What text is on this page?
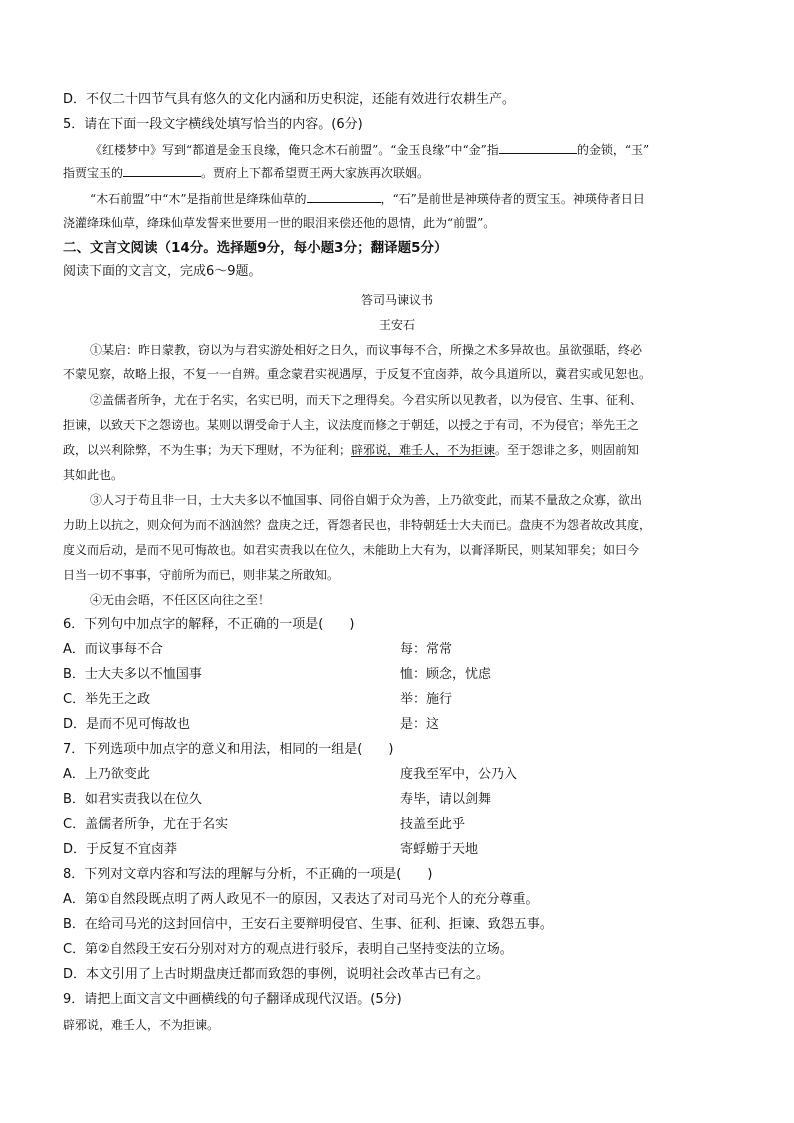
D．不仅二十四节气具有悠久的文化内涵和历史积淀，还能有效进行农耕生产。
5．请在下面一段文字横线处填写恰当的内容。(6分)
《红楼梦中》写到“都道是金玉良缘，俺只念木石前盟”。“金玉良缘”中“金”指	的金锁，“玉”
指贾宝玉的	。贾府上下都希望贾王两大家族再次联姻。
“木石前盟”中“木”是指前世是绛珠仙草的	，“石”是前世是神瑛侍者的贾宝玉。神瑛侍者日日
浇灌绛珠仙草，绛珠仙草发誓来世要用一世的眼泪来偿还他的恩情，此为“前盟”。
二、文言文阅读（14分。选择题9分，每小题3分；翻译题5分）
阅读下面的文言文，完成6～9题。
答司马谏议书
王安石
①某启：昨日蒙教，窃以为与君实游处相好之日久，而议事每不合，所操之术多异故也。虽欲强聒，终必
不蒙见察，故略上报，不复一一自辨。重念蒙君实视遇厚，于反复不宜卤莽，故今具道所以，冀君实或见恕也。
②盖儒者所争，尤在于名实，名实已明，而天下之理得矣。今君实所以见教者，以为侵官、生事、征利、
拒谏，以致天下之怨谤也。某则以谓受命于人主，议法度而修之于朝廷，以授之于有司，不为侵官；举先王之
政，以兴利除弊，不为生事；为天下理财，不为征利；辟邪说，难壬人，不为拒谏。至于怨诽之多，则固前知
其如此也。
③人习于苟且非一日，士大夫多以不恤国事、同俗自媚于众为善，上乃欲变此，而某不量敌之众寡，欲出
力助上以抗之，则众何为而不汹汹然？盘庚之迁，胥怨者民也，非特朝廷士大夫而已。盘庚不为怨者故改其度，
度义而后动，是而不见可悔故也。如君实责我以在位久，未能助上大有为，以膏泽斯民，则某知罪矣；如曰今
日当一切不事事，守前所为而已，则非某之所敢知。
④无由会晤，不任区区向往之至！
6．下列句中加点字的解释，不正确的一项是(　　)
A．而议事每不合	每：常常
B．士大夫多以不恤国事	恤：顾念，忧虑
C．举先王之政	举：施行
D．是而不见可悔故也	是：这
7．下列选项中加点字的意义和用法，相同的一组是(　　)
A．上乃欲变此	度我至军中，公乃入
B．如君实责我以在位久	寿毕，请以剑舞
C．盖儒者所争，尤在于名实	技盖至此乎
D．于反复不宜卤莽	寄蜉蝣于天地
8．下列对文章内容和写法的理解与分析，不正确的一项是(　　)
A．第①自然段既点明了两人政见不一的原因，又表达了对司马光个人的充分尊重。
B．在给司马光的这封回信中，王安石主要辩明侵官、生事、征利、拒谏、致怨五事。
C．第②自然段王安石分别对对方的观点进行驳斥，表明自己坚持变法的立场。
D．本文引用了上古时期盘庚迁都而致怨的事例，说明社会改革古已有之。
9．请把上面文言文中画横线的句子翻译成现代汉语。(5分)
辟邪说，难壬人，不为拒谏。
